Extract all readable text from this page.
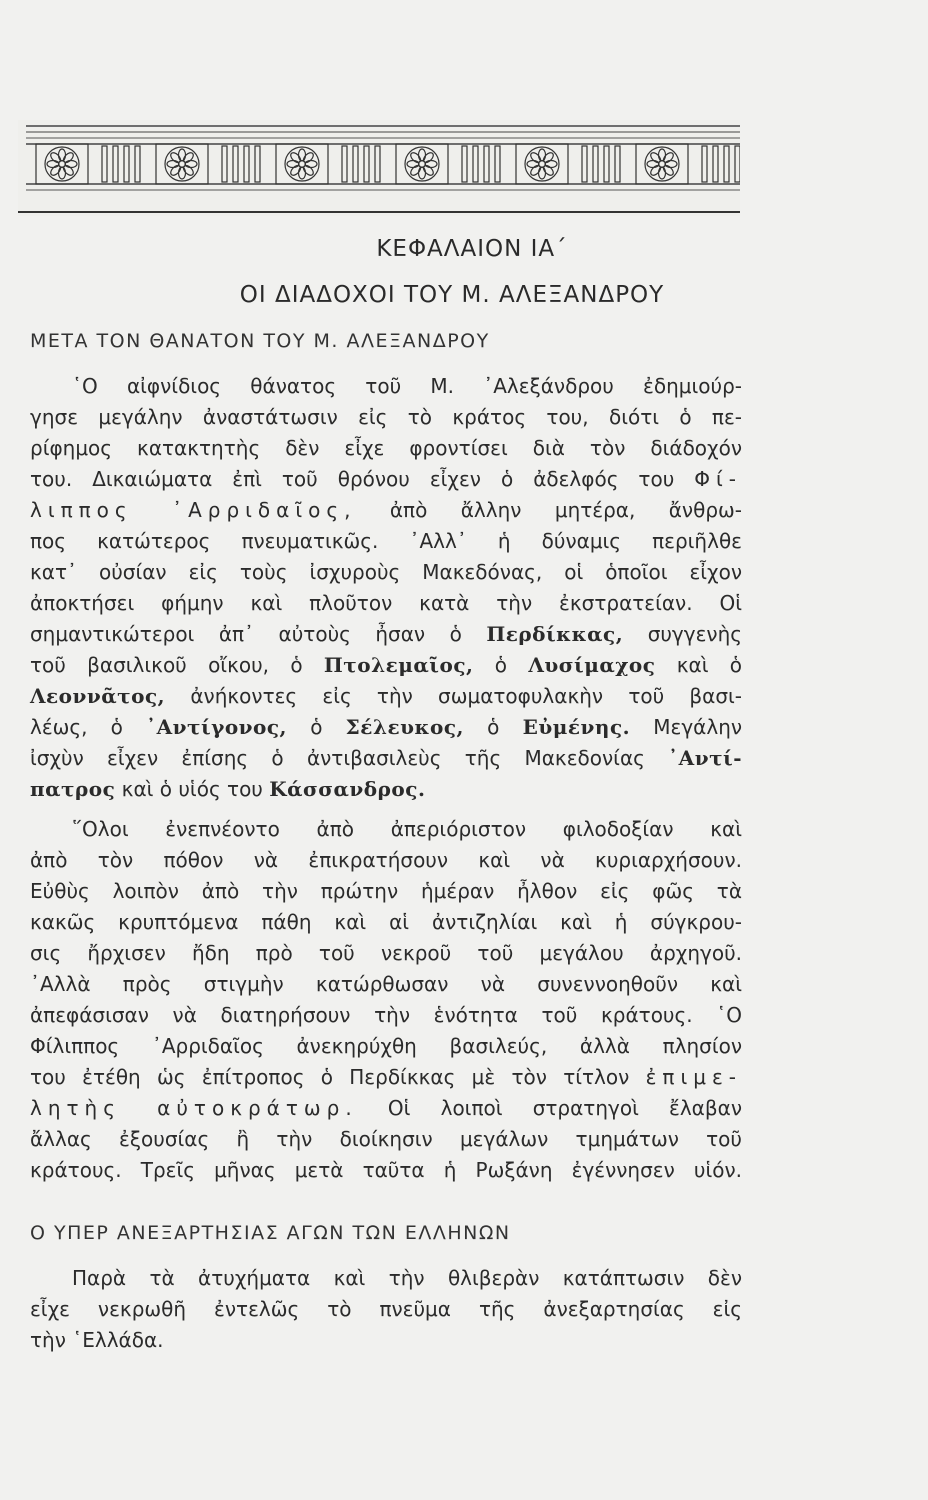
ΚΕΦΑΛΑΙΟΝ ΙΑ΄
ΟΙ ΔΙΑΔΟΧΟΙ ΤΟΥ Μ. ΑΛΕΞΑΝΔΡΟΥ
ΜΕΤΑ ΤΟΝ ΘΑΝΑΤΟΝ ΤΟΥ Μ. ΑΛΕΞΑΝΔΡΟΥ
῾Ο αἰφνίδιος θάνατος τοῦ Μ. ᾿Αλεξάνδρου ἐδημιούρ-
γησε μεγάλην ἀναστάτωσιν εἰς τὸ κράτος του, διότι ὁ πε-
ρίφημος κατακτητὴς δὲν εἶχε φροντίσει διὰ τὸν διάδοχόν
του. Δικαιώματα ἐπὶ τοῦ θρόνου εἶχεν ὁ ἀδελφός του Φί-
λιππος ᾿Αρριδαῖος, ἀπὸ ἄλλην μητέρα, ἄνθρω-
πος κατώτερος πνευματικῶς. ᾿Αλλ᾿ ἡ δύναμις περιῆλθε
κατ᾿ οὐσίαν εἰς τοὺς ἰσχυροὺς Μακεδόνας, οἱ ὁποῖοι εἶχον
ἀποκτήσει φήμην καὶ πλοῦτον κατὰ τὴν ἐκστρατείαν. Οἱ
σημαντικώτεροι ἀπ᾿ αὐτοὺς ἦσαν ὁ Περδίκκας, συγγενὴς
τοῦ βασιλικοῦ οἴκου, ὁ Πτολεμαῖος, ὁ Λυσίμαχος καὶ ὁ
Λεοννᾶτος, ἀνήκοντες εἰς τὴν σωματοφυλακὴν τοῦ βασι-
λέως, ὁ ᾿Αντίγονος, ὁ Σέλευκος, ὁ Εὐμένης. Μεγάλην
ἰσχὺν εἶχεν ἐπίσης ὁ ἀντιβασιλεὺς τῆς Μακεδονίας ᾿Αντί-
πατρος καὶ ὁ υἱός του Κάσσανδρος.
῞Ολοι ἐνεπνέοντο ἀπὸ ἀπεριόριστον φιλοδοξίαν καὶ
ἀπὸ τὸν πόθον νὰ ἐπικρατήσουν καὶ νὰ κυριαρχήσουν.
Εὐθὺς λοιπὸν ἀπὸ τὴν πρώτην ἡμέραν ἦλθον εἰς φῶς τὰ
κακῶς κρυπτόμενα πάθη καὶ αἱ ἀντιζηλίαι καὶ ἡ σύγκρου-
σις ἤρχισεν ἤδη πρὸ τοῦ νεκροῦ τοῦ μεγάλου ἀρχηγοῦ.
᾿Αλλὰ πρὸς στιγμὴν κατώρθωσαν νὰ συνεννοηθοῦν καὶ
ἀπεφάσισαν νὰ διατηρήσουν τὴν ἑνότητα τοῦ κράτους. ῾Ο
Φίλιππος ᾿Αρριδαῖος ἀνεκηρύχθη βασιλεύς, ἀλλὰ πλησίον
του ἐτέθη ὡς ἐπίτροπος ὁ Περδίκκας μὲ τὸν τίτλον ἐπιμε-
λητὴς αὐτοκράτωρ. Οἱ λοιποὶ στρατηγοὶ ἔλαβαν
ἄλλας ἐξουσίας ἢ τὴν διοίκησιν μεγάλων τμημάτων τοῦ
κράτους. Τρεῖς μῆνας μετὰ ταῦτα ἡ Ρωξάνη ἐγέννησεν υἱόν.
Ο ΥΠΕΡ ΑΝΕΞΑΡΤΗΣΙΑΣ ΑΓΩΝ ΤΩΝ ΕΛΛΗΝΩΝ
Παρὰ τὰ ἀτυχήματα καὶ τὴν θλιβερὰν κατάπτωσιν δὲν
εἶχε νεκρωθῆ ἐντελῶς τὸ πνεῦμα τῆς ἀνεξαρτησίας εἰς
τὴν ῾Ελλάδα.
